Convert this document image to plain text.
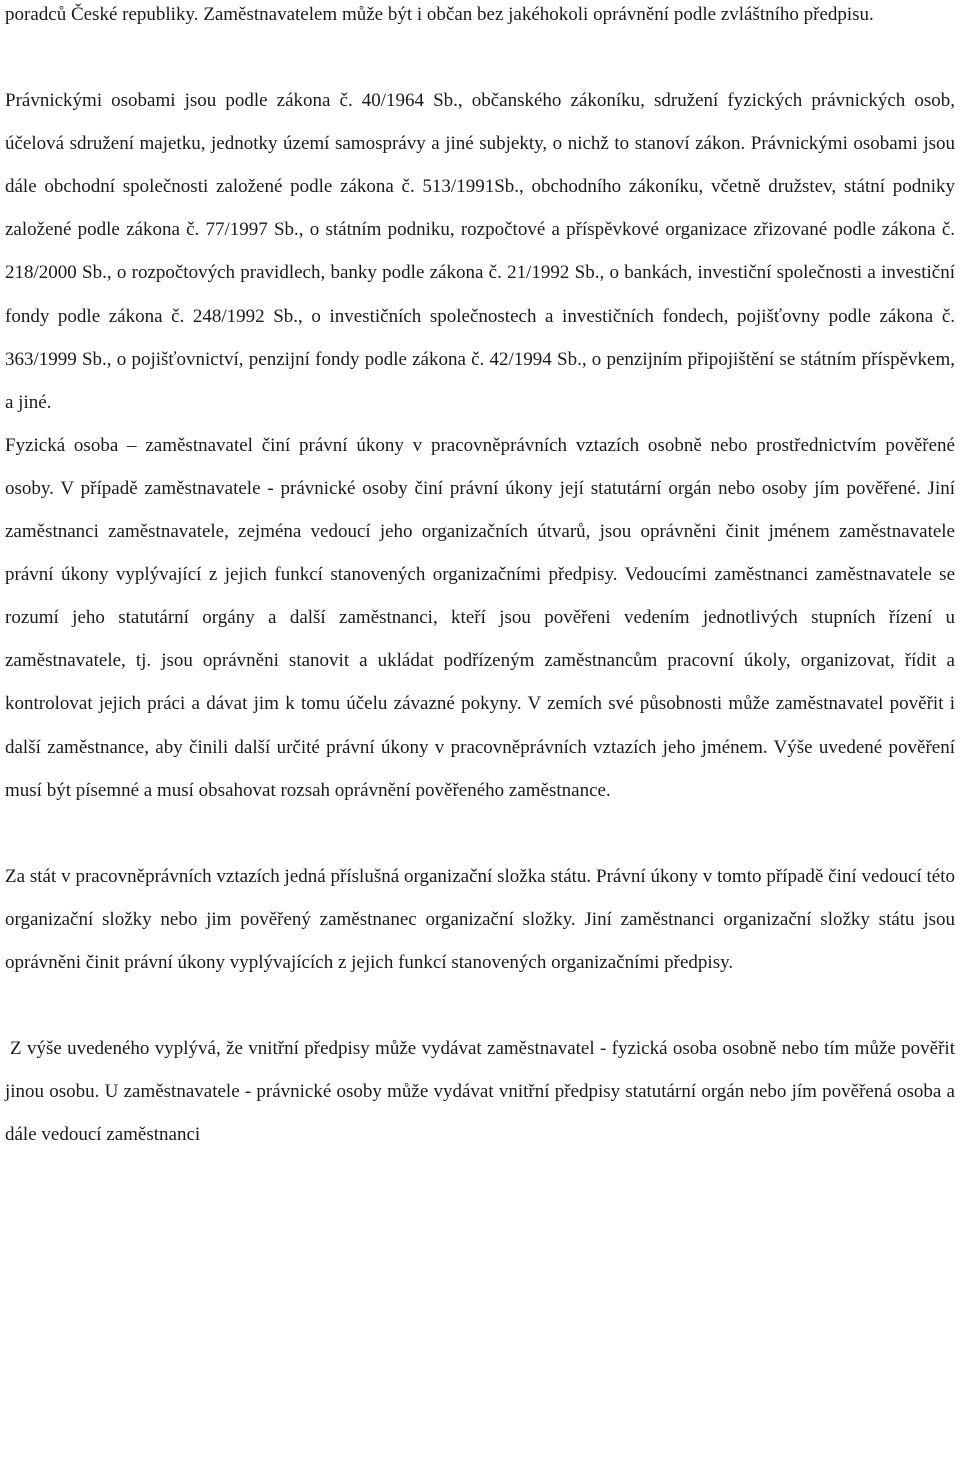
poradců České republiky. Zaměstnavatelem může být i občan bez jakéhokoli oprávnění podle zvláštního předpisu.

Právnickými osobami jsou podle zákona č. 40/1964 Sb., občanského zákoníku, sdružení fyzických právnických osob, účelová sdružení majetku, jednotky území samosprávy a jiné subjekty, o nichž to stanoví zákon. Právnickými osobami jsou dále obchodní společnosti založené podle zákona č. 513/1991Sb., obchodního zákoníku, včetně družstev, státní podniky založené podle zákona č. 77/1997 Sb., o státním podniku, rozpočtové a příspěvkové organizace zřizované podle zákona č. 218/2000 Sb., o rozpočtových pravidlech, banky podle zákona č. 21/1992 Sb., o bankách, investiční společnosti a investiční fondy podle zákona č. 248/1992 Sb., o investičních společnostech a investičních fondech, pojišťovny podle zákona č. 363/1999 Sb., o pojišťovnictví, penzijní fondy podle zákona č. 42/1994 Sb., o penzijním připojištění se státním příspěvkem, a jiné.

Fyzická osoba – zaměstnavatel činí právní úkony v pracovněprávních vztazích osobně nebo prostřednictvím pověřené osoby. V případě zaměstnavatele - právnické osoby činí právní úkony její statutární orgán nebo osoby jím pověřené. Jiní zaměstnanci zaměstnavatele, zejména vedoucí jeho organizačních útvarů, jsou oprávněni činit jménem zaměstnavatele právní úkony vyplývající z jejich funkcí stanovených organizačními předpisy. Vedoucími zaměstnanci zaměstnavatele se rozumí jeho statutární orgány a další zaměstnanci, kteří jsou pověřeni vedením jednotlivých stupních řízení u zaměstnavatele, tj. jsou oprávněni stanovit a ukládat podřízeným zaměstnancům pracovní úkoly, organizovat, řídit a kontrolovat jejich práci a dávat jim k tomu účelu závazné pokyny. V zemích své působnosti může zaměstnavatel pověřit i další zaměstnance, aby činili další určité právní úkony v pracovněprávních vztazích jeho jménem. Výše uvedené pověření musí být písemné a musí obsahovat rozsah oprávnění pověřeného zaměstnance.

Za stát v pracovněprávních vztazích jedná příslušná organizační složka státu. Právní úkony v tomto případě činí vedoucí této organizační složky nebo jim pověřený zaměstnanec organizační složky. Jiní zaměstnanci organizační složky státu jsou oprávněni činit právní úkony vyplývajících z jejich funkcí stanovených organizačními předpisy.

Z výše uvedeného vyplývá, že vnitřní předpisy může vydávat zaměstnavatel - fyzická osoba osobně nebo tím může pověřit jinou osobu. U zaměstnavatele - právnické osoby může vydávat vnitřní předpisy statutární orgán nebo jím pověřená osoba a dále vedoucí zaměstnanci
